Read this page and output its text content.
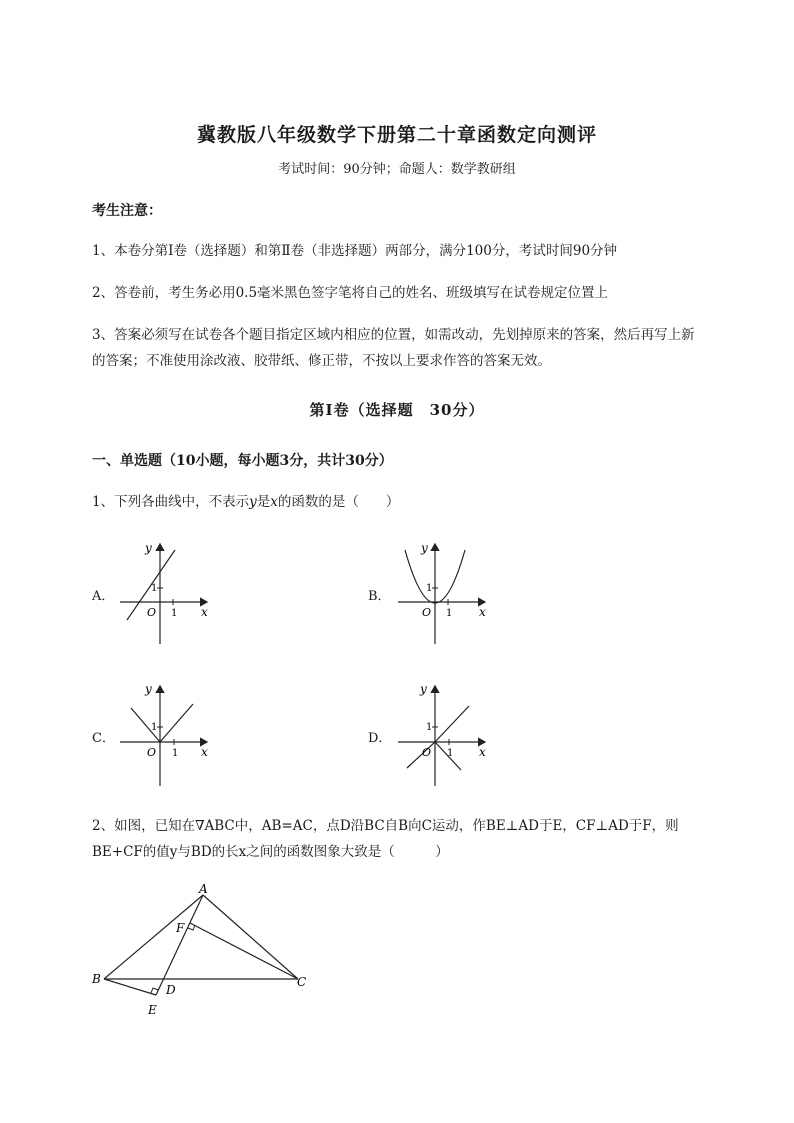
冀教版八年级数学下册第二十章函数定向测评
考试时间：90分钟；命题人：数学教研组
考生注意：
1、本卷分第I卷（选择题）和第Ⅱ卷（非选择题）两部分，满分100分，考试时间90分钟
2、答卷前，考生务必用0.5毫米黑色签字笔将自己的姓名、班级填写在试卷规定位置上
3、答案必须写在试卷各个题目指定区域内相应的位置，如需改动，先划掉原来的答案，然后再写上新
的答案；不准使用涂改液、胶带纸、修正带，不按以上要求作答的答案无效。
第I卷（选择题　30分）
一、单选题（10小题，每小题3分，共计30分）
1、下列各曲线中，不表示y是x的函数的是（　　）
A．
y
x
O 1
1
B．
y
x
O 1
1
C．
y
x
O 1
1
D．
y
x
O 1
1
2、如图，已知在∇ABC中，AB=AC，点D沿BC自B向C运动，作BE⊥AD于E，CF⊥AD于F，则
BE+CF的值y与BD的长x之间的函数图象大致是（　　　）
A
B	C
D
E
F
